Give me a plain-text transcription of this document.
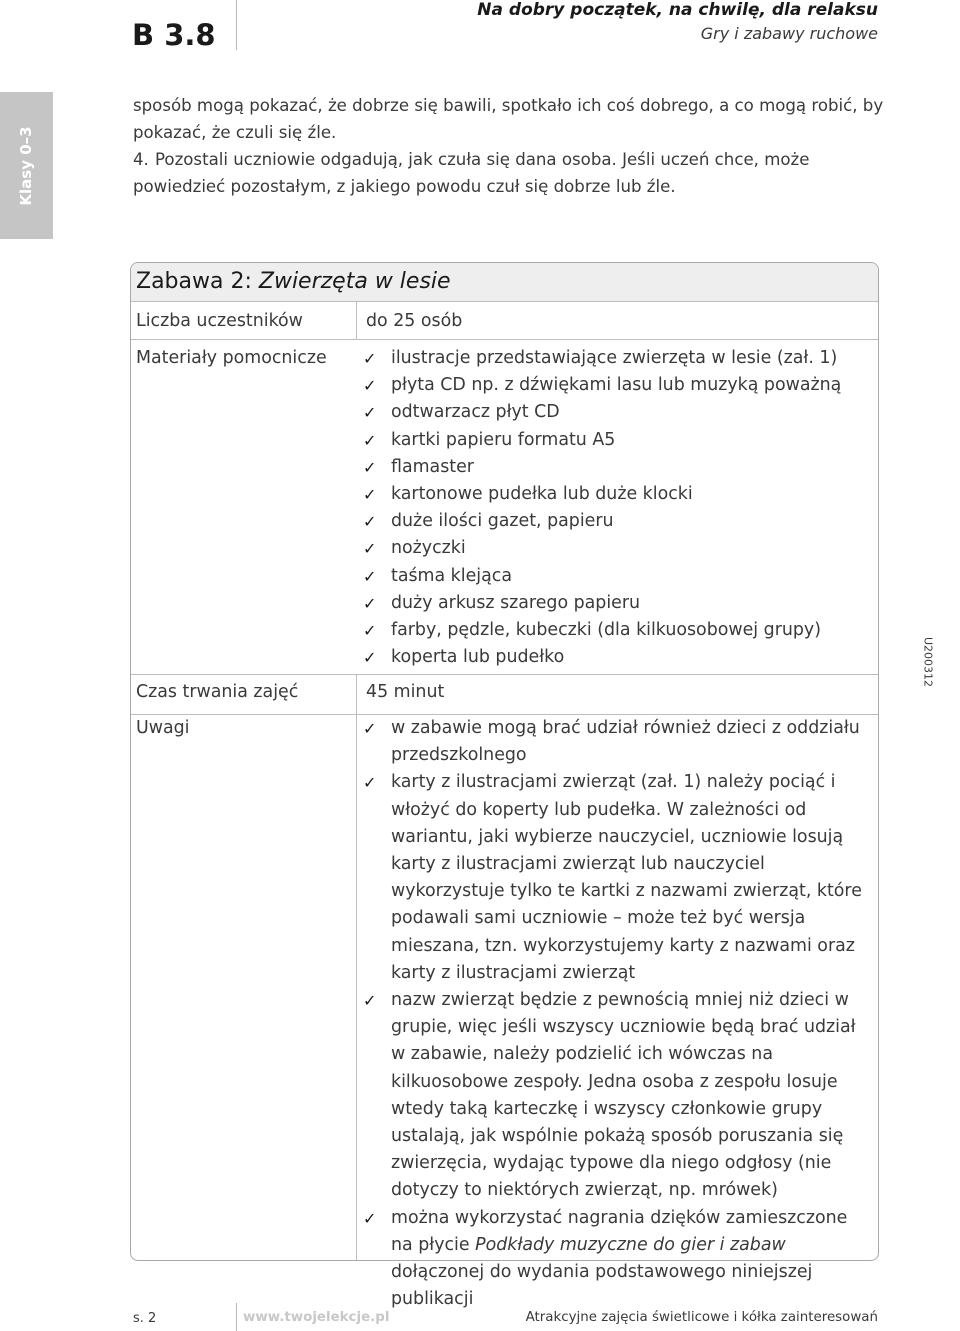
B 3.8
Na dobry początek, na chwilę, dla relaksu
Gry i zabawy ruchowe
Klasy 0–3
U200312

sposób mogą pokazać, że dobrze się bawili, spotkało ich coś dobrego, a co mogą robić, by pokazać, że czuli się źle.

4. Pozostali uczniowie odgadują, jak czuła się dana osoba. Jeśli uczeń chce, może powiedzieć pozostałym, z jakiego powodu czuł się dobrze lub źle.

Zabawa 2: Zwierzęta w lesie
Liczba uczestników	do 25 osób
Materiały pomocnicze ✓ ilustracje przedstawiające zwierzęta w lesie (zał. 1)
✓ płyta CD np. z dźwiękami lasu lub muzyką poważną
✓ odtwarzacz płyt CD
✓ kartki papieru formatu A5
✓ flamaster
✓ kartonowe pudełka lub duże klocki
✓ duże ilości gazet, papieru
✓ nożyczki
✓ taśma klejąca
✓ duży arkusz szarego papieru
✓ farby, pędzle, kubeczki (dla kilkuosobowej grupy)
✓ koperta lub pudełko
Czas trwania zajęć	45 minut
Uwagi	✓ w zabawie mogą brać udział również dzieci z oddziału przedszkolnego
✓ karty z ilustracjami zwierząt (zał. 1) należy pociąć i włożyć do koperty lub pudełka. W zależności od wariantu, jaki wybierze nauczyciel, uczniowie losują karty z ilustracjami zwierząt lub nauczyciel wykorzystuje tylko te kartki z nazwami zwierząt, które podawali sami uczniowie – może też być wersja mieszana, tzn. wykorzystujemy karty z nazwami oraz karty z ilustracjami zwierząt
✓ nazw zwierząt będzie z pewnością mniej niż dzieci w grupie, więc jeśli wszyscy uczniowie będą brać udział w zabawie, należy podzielić ich wówczas na kilkuosobowe zespoły. Jedna osoba z zespołu losuje wtedy taką karteczkę i wszyscy członkowie grupy ustalają, jak wspólnie pokażą sposób poruszania się zwierzęcia, wydając typowe dla niego odgłosy (nie dotyczy to niektórych zwierząt, np. mrówek)
✓ można wykorzystać nagrania dzięków zamieszczone na płycie Podkłady muzyczne do gier i zabaw dołączonej do wydania podstawowego niniejszej publikacji
s. 2	www.twojelekcje.pl	Atrakcyjne zajęcia świetlicowe i kółka zainteresowań
